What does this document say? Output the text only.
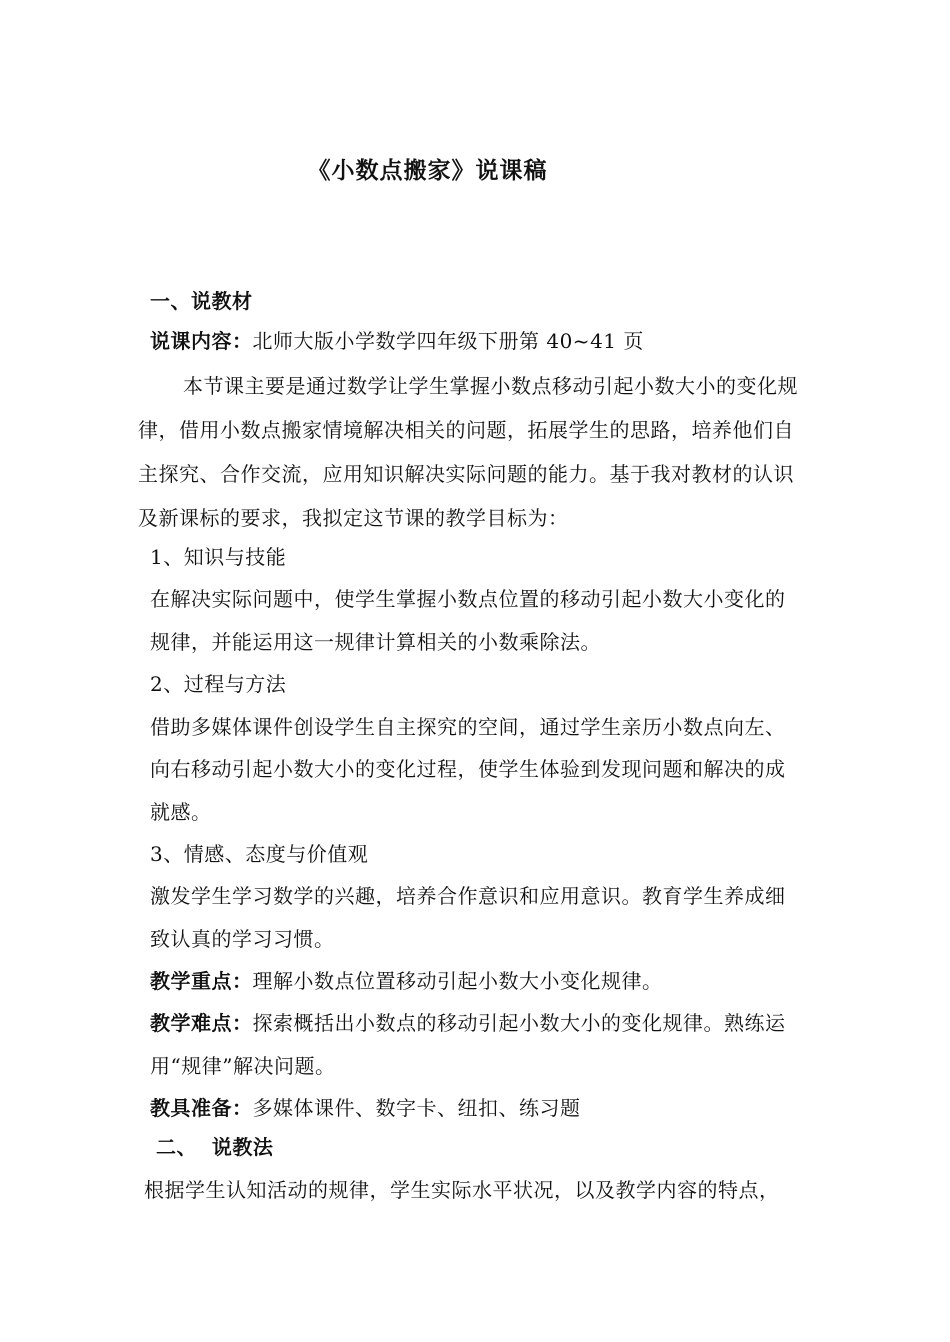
《小数点搬家》说课稿
一、说教材
说课内容：北师大版小学数学四年级下册第 40~41 页
本节课主要是通过数学让学生掌握小数点移动引起小数大小的变化规
律，借用小数点搬家情境解决相关的问题，拓展学生的思路，培养他们自
主探究、合作交流，应用知识解决实际问题的能力。基于我对教材的认识
及新课标的要求，我拟定这节课的教学目标为：
1、知识与技能
在解决实际问题中，使学生掌握小数点位置的移动引起小数大小变化的
规律，并能运用这一规律计算相关的小数乘除法。
2、过程与方法
借助多媒体课件创设学生自主探究的空间，通过学生亲历小数点向左、
向右移动引起小数大小的变化过程，使学生体验到发现问题和解决的成
就感。
3、情感、态度与价值观
激发学生学习数学的兴趣，培养合作意识和应用意识。教育学生养成细
致认真的学习习惯。
教学重点：理解小数点位置移动引起小数大小变化规律。
教学难点：探索概括出小数点的移动引起小数大小的变化规律。熟练运
用“规律”解决问题。
教具准备：多媒体课件、数字卡、纽扣、练习题
二、  说教法
根据学生认知活动的规律，学生实际水平状况，以及教学内容的特点，
